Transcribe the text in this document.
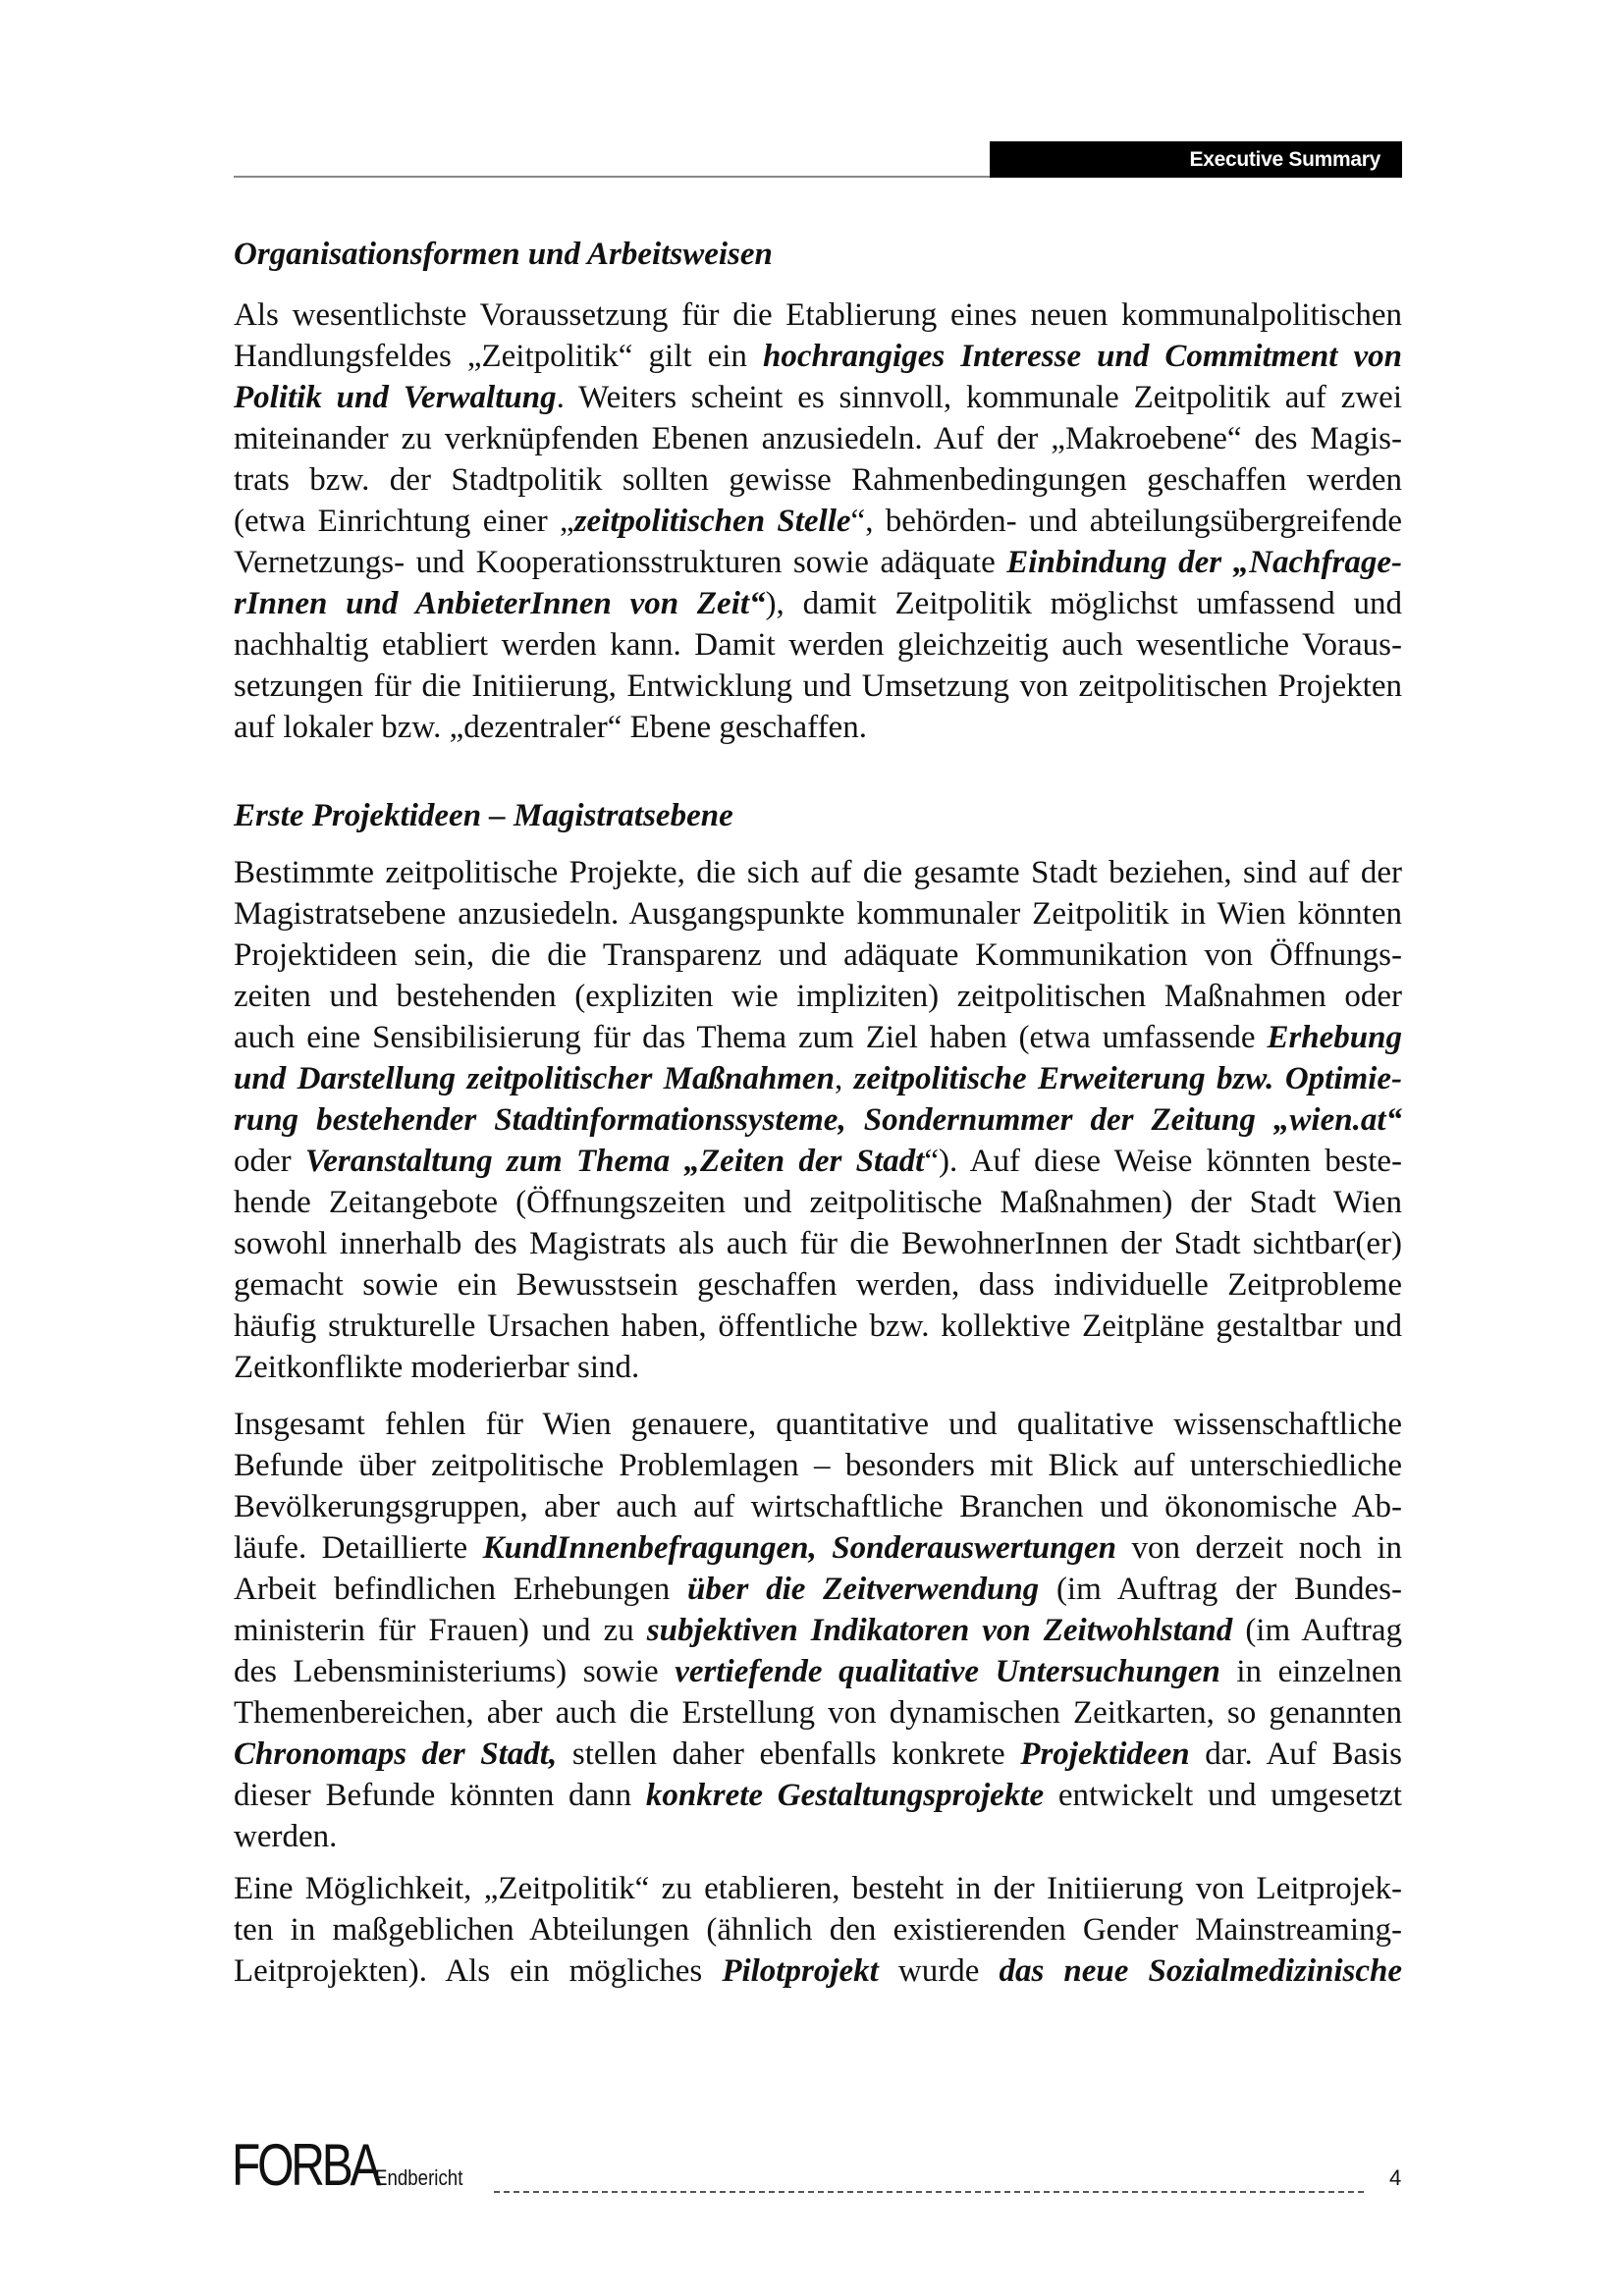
Executive Summary
Organisationsformen und Arbeitsweisen
Als wesentlichste Voraussetzung für die Etablierung eines neuen kommunalpolitischen
Handlungsfeldes „Zeitpolitik“ gilt ein hochrangiges Interesse und Commitment von
Politik und Verwaltung. Weiters scheint es sinnvoll, kommunale Zeitpolitik auf zwei
miteinander zu verknüpfenden Ebenen anzusiedeln. Auf der „Makroebene“ des Magis-
trats bzw. der Stadtpolitik sollten gewisse Rahmenbedingungen geschaffen werden
(etwa Einrichtung einer „zeitpolitischen Stelle“, behörden- und abteilungsübergreifende
Vernetzungs- und Kooperationsstrukturen sowie adäquate Einbindung der „Nachfrage-
rInnen und AnbieterInnen von Zeit“), damit Zeitpolitik möglichst umfassend und
nachhaltig etabliert werden kann. Damit werden gleichzeitig auch wesentliche Voraus-
setzungen für die Initiierung, Entwicklung und Umsetzung von zeitpolitischen Projekten
auf lokaler bzw. „dezentraler“ Ebene geschaffen.
Erste Projektideen – Magistratsebene
Bestimmte zeitpolitische Projekte, die sich auf die gesamte Stadt beziehen, sind auf der
Magistratsebene anzusiedeln. Ausgangspunkte kommunaler Zeitpolitik in Wien könnten
Projektideen sein, die die Transparenz und adäquate Kommunikation von Öffnungs-
zeiten und bestehenden (expliziten wie impliziten) zeitpolitischen Maßnahmen oder
auch eine Sensibilisierung für das Thema zum Ziel haben (etwa umfassende Erhebung
und Darstellung zeitpolitischer Maßnahmen, zeitpolitische Erweiterung bzw. Optimie-
rung bestehender Stadtinformationssysteme, Sondernummer der Zeitung „wien.at“
oder Veranstaltung zum Thema „Zeiten der Stadt“). Auf diese Weise könnten beste-
hende Zeitangebote (Öffnungszeiten und zeitpolitische Maßnahmen) der Stadt Wien
sowohl innerhalb des Magistrats als auch für die BewohnerInnen der Stadt sichtbar(er)
gemacht sowie ein Bewusstsein geschaffen werden, dass individuelle Zeitprobleme
häufig strukturelle Ursachen haben, öffentliche bzw. kollektive Zeitpläne gestaltbar und
Zeitkonflikte moderierbar sind.
Insgesamt fehlen für Wien genauere, quantitative und qualitative wissenschaftliche
Befunde über zeitpolitische Problemlagen – besonders mit Blick auf unterschiedliche
Bevölkerungsgruppen, aber auch auf wirtschaftliche Branchen und ökonomische Ab-
läufe. Detaillierte KundInnenbefragungen, Sonderauswertungen von derzeit noch in
Arbeit befindlichen Erhebungen über die Zeitverwendung (im Auftrag der Bundes-
ministerin für Frauen) und zu subjektiven Indikatoren von Zeitwohlstand (im Auftrag
des Lebensministeriums) sowie vertiefende qualitative Untersuchungen in einzelnen
Themenbereichen, aber auch die Erstellung von dynamischen Zeitkarten, so genannten
Chronomaps der Stadt, stellen daher ebenfalls konkrete Projektideen dar. Auf Basis
dieser Befunde könnten dann konkrete Gestaltungsprojekte entwickelt und umgesetzt
werden.
Eine Möglichkeit, „Zeitpolitik“ zu etablieren, besteht in der Initiierung von Leitprojek-
ten in maßgeblichen Abteilungen (ähnlich den existierenden Gender Mainstreaming-
Leitprojekten). Als ein mögliches Pilotprojekt wurde das neue Sozialmedizinische
FORBA
Endbericht	4
